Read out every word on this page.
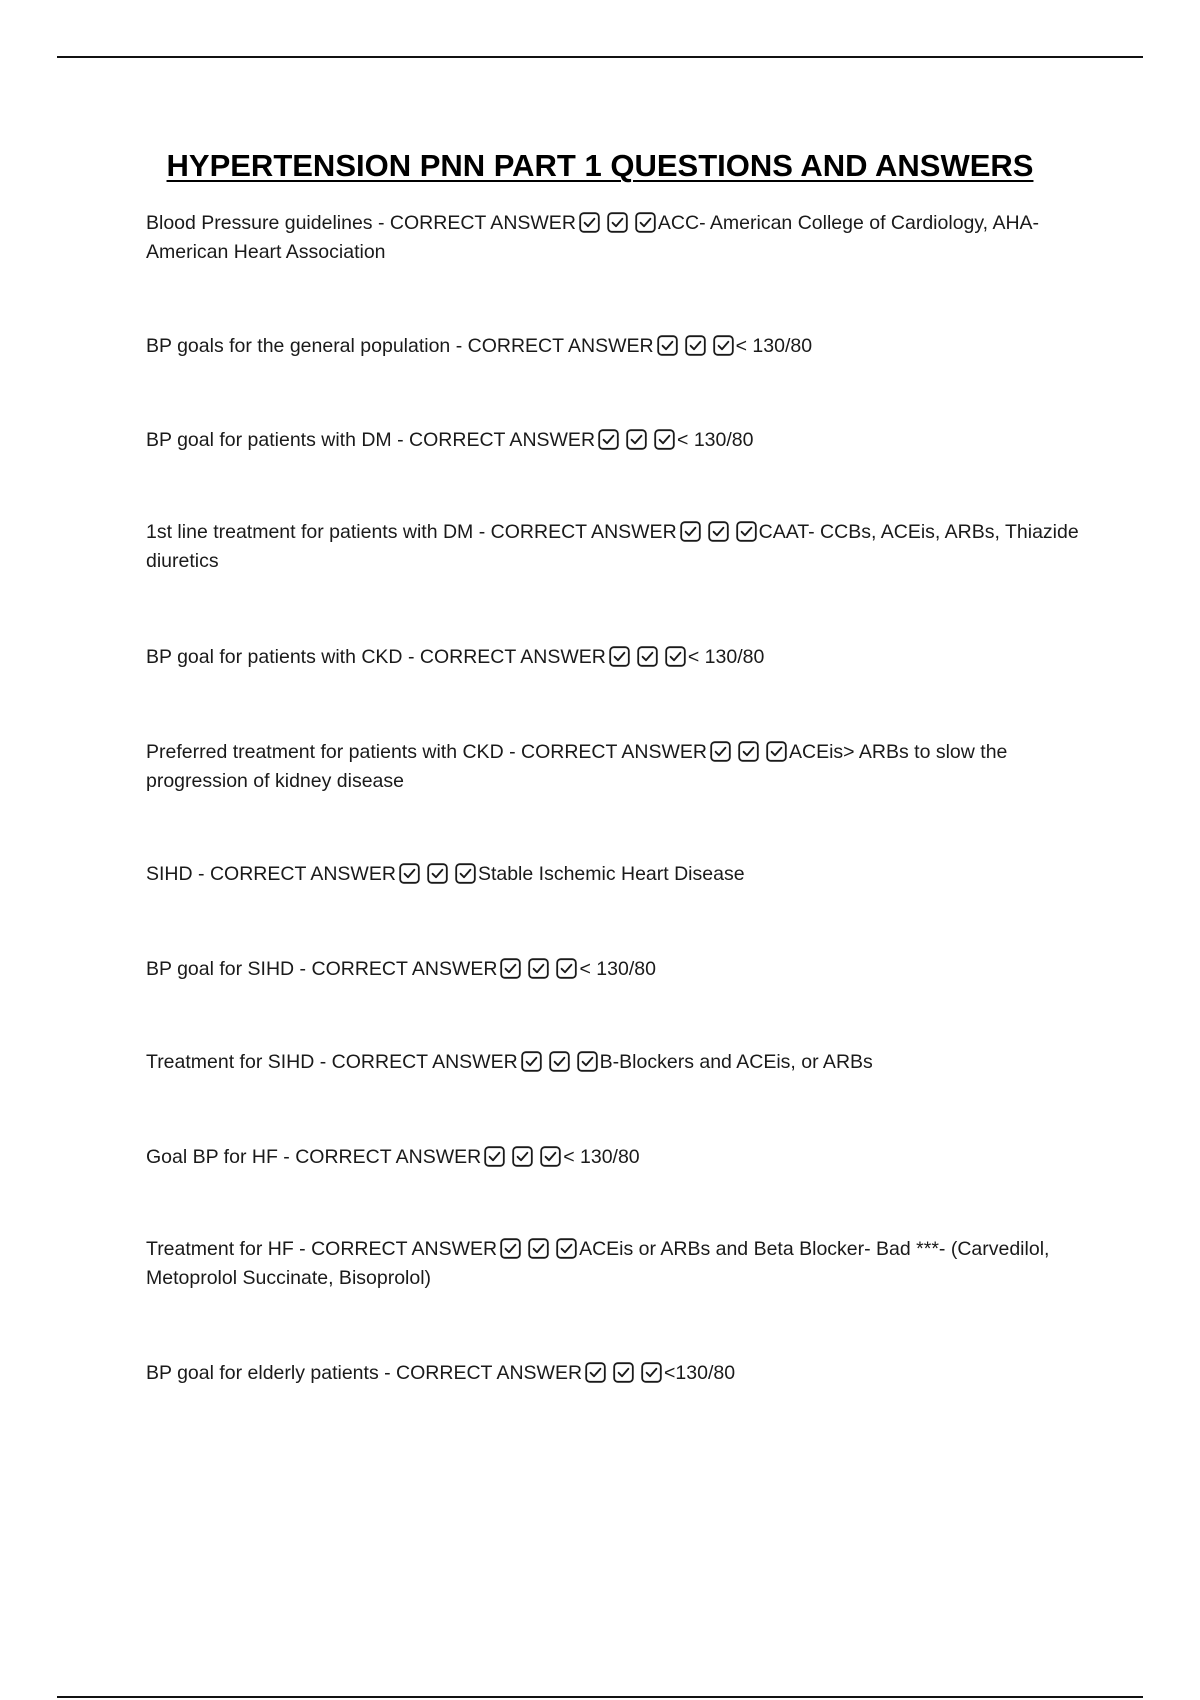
HYPERTENSION PNN PART 1 QUESTIONS AND ANSWERS

Blood Pressure guidelines - CORRECT ANSWER	ACC- American College of Cardiology, AHA- American Heart Association

BP goals for the general population - CORRECT ANSWER	< 130/80

BP goal for patients with DM - CORRECT ANSWER	< 130/80

1st line treatment for patients with DM - CORRECT ANSWER	CAAT- CCBs, ACEis, ARBs, Thiazide diuretics

BP goal for patients with CKD - CORRECT ANSWER	< 130/80

Preferred treatment for patients with CKD - CORRECT ANSWER	ACEis> ARBs to slow the progression of kidney disease

SIHD - CORRECT ANSWER	Stable Ischemic Heart Disease

BP goal for SIHD - CORRECT ANSWER	< 130/80

Treatment for SIHD - CORRECT ANSWER	B-Blockers and ACEis, or ARBs

Goal BP for HF - CORRECT ANSWER	< 130/80

Treatment for HF - CORRECT ANSWER	ACEis or ARBs and Beta Blocker- Bad ***- (Carvedilol, Metoprolol Succinate, Bisoprolol)

BP goal for elderly patients - CORRECT ANSWER	<130/80
